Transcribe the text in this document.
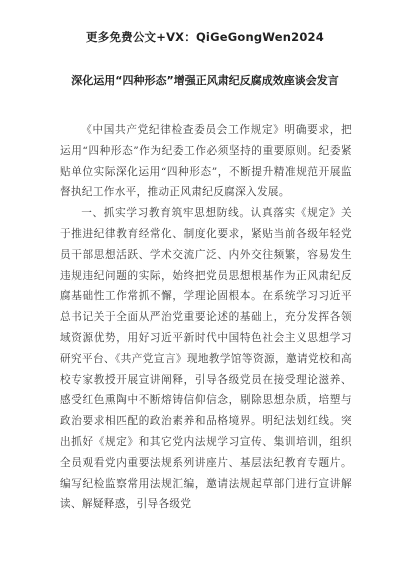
更多免费公文+VX：QiGeGongWen2024
深化运用“四种形态”增强正风肃纪反腐成效座谈会发言

《中国共产党纪律检查委员会工作规定》明确要求，把运用“四种形态”作为纪委工作必须坚持的重要原则。纪委紧贴单位实际深化运用“四种形态”，不断提升精准规范开展监督执纪工作水平，推动正风肃纪反腐深入发展。

一、抓实学习教育筑牢思想防线。认真落实《规定》关于推进纪律教育经常化、制度化要求，紧贴当前各级年轻党员干部思想活跃、学术交流广泛、内外交往频繁，容易发生违规违纪问题的实际，始终把党员思想根基作为正风肃纪反腐基础性工作常抓不懈，学理论固根本。在系统学习习近平总书记关于全面从严治党重要论述的基础上，充分发挥各领域资源优势，用好习近平新时代中国特色社会主义思想学习研究平台、《共产党宣言》现地教学馆等资源，邀请党校和高校专家教授开展宣讲阐释，引导各级党员在接受理论滋养、感受红色熏陶中不断熔铸信仰信念，剔除思想杂质，培塑与政治要求相匹配的政治素养和品格境界。明纪法划红线。突出抓好《规定》和其它党内法规学习宣传、集训培训，组织全员观看党内重要法规系列讲座片、基层法纪教育专题片。编写纪检监察常用法规汇编，邀请法规起草部门进行宣讲解读、解疑释惑，引导各级党
